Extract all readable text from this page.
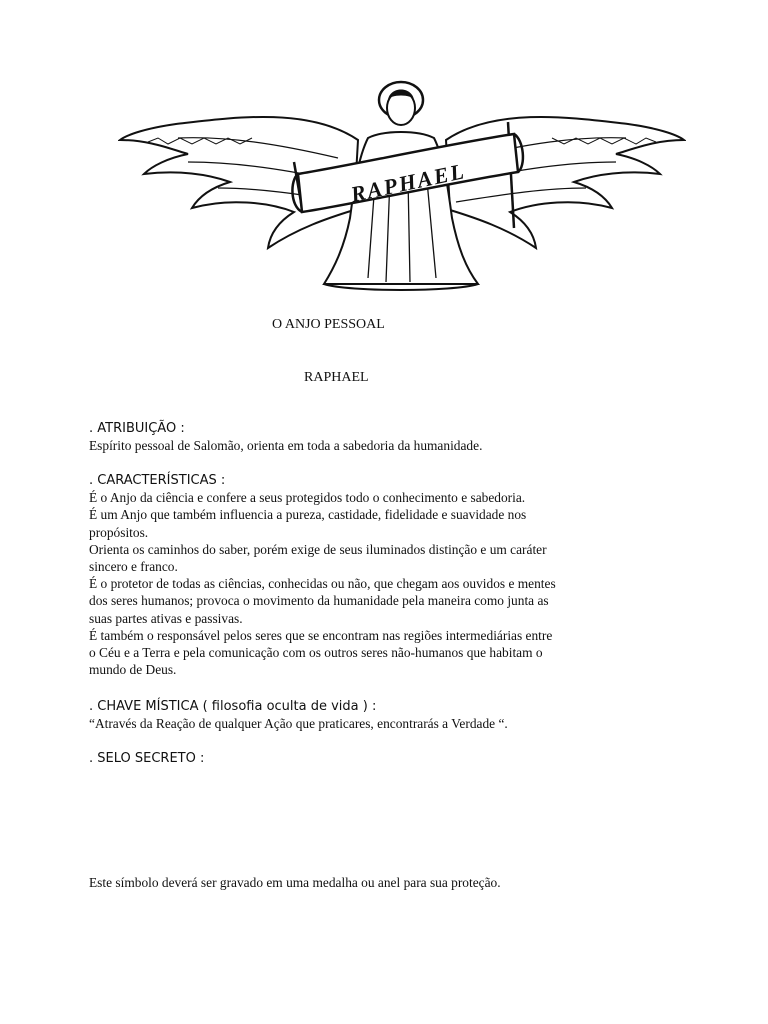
RAPHAEL
O ANJO PESSOAL
RAPHAEL

. ATRIBUIÇÃO :

Espírito pessoal de Salomão, orienta em toda a sabedoria da humanidade.

. CARACTERÍSTICAS :

É o Anjo da ciência e confere a seus protegidos todo o conhecimento e sabedoria.

É um Anjo que também influencia a pureza, castidade, fidelidade e suavidade nos

propósitos.

Orienta os caminhos do saber, porém exige de seus iluminados distinção e um caráter

sincero e franco.

É o protetor de todas as ciências, conhecidas ou não, que chegam aos ouvidos e mentes

dos seres humanos; provoca o movimento da humanidade pela maneira como junta as

suas partes ativas e passivas.

É também o responsável pelos seres que se encontram nas regiões intermediárias entre

o Céu e a Terra e pela comunicação com os outros seres não-humanos que habitam o

mundo de Deus.

. CHAVE MÍSTICA ( filosofia oculta de vida ) :

“Através da Reação de qualquer Ação que praticares, encontrarás a Verdade “.

. SELO SECRETO :

Este símbolo deverá ser gravado em uma medalha ou anel para sua proteção.
